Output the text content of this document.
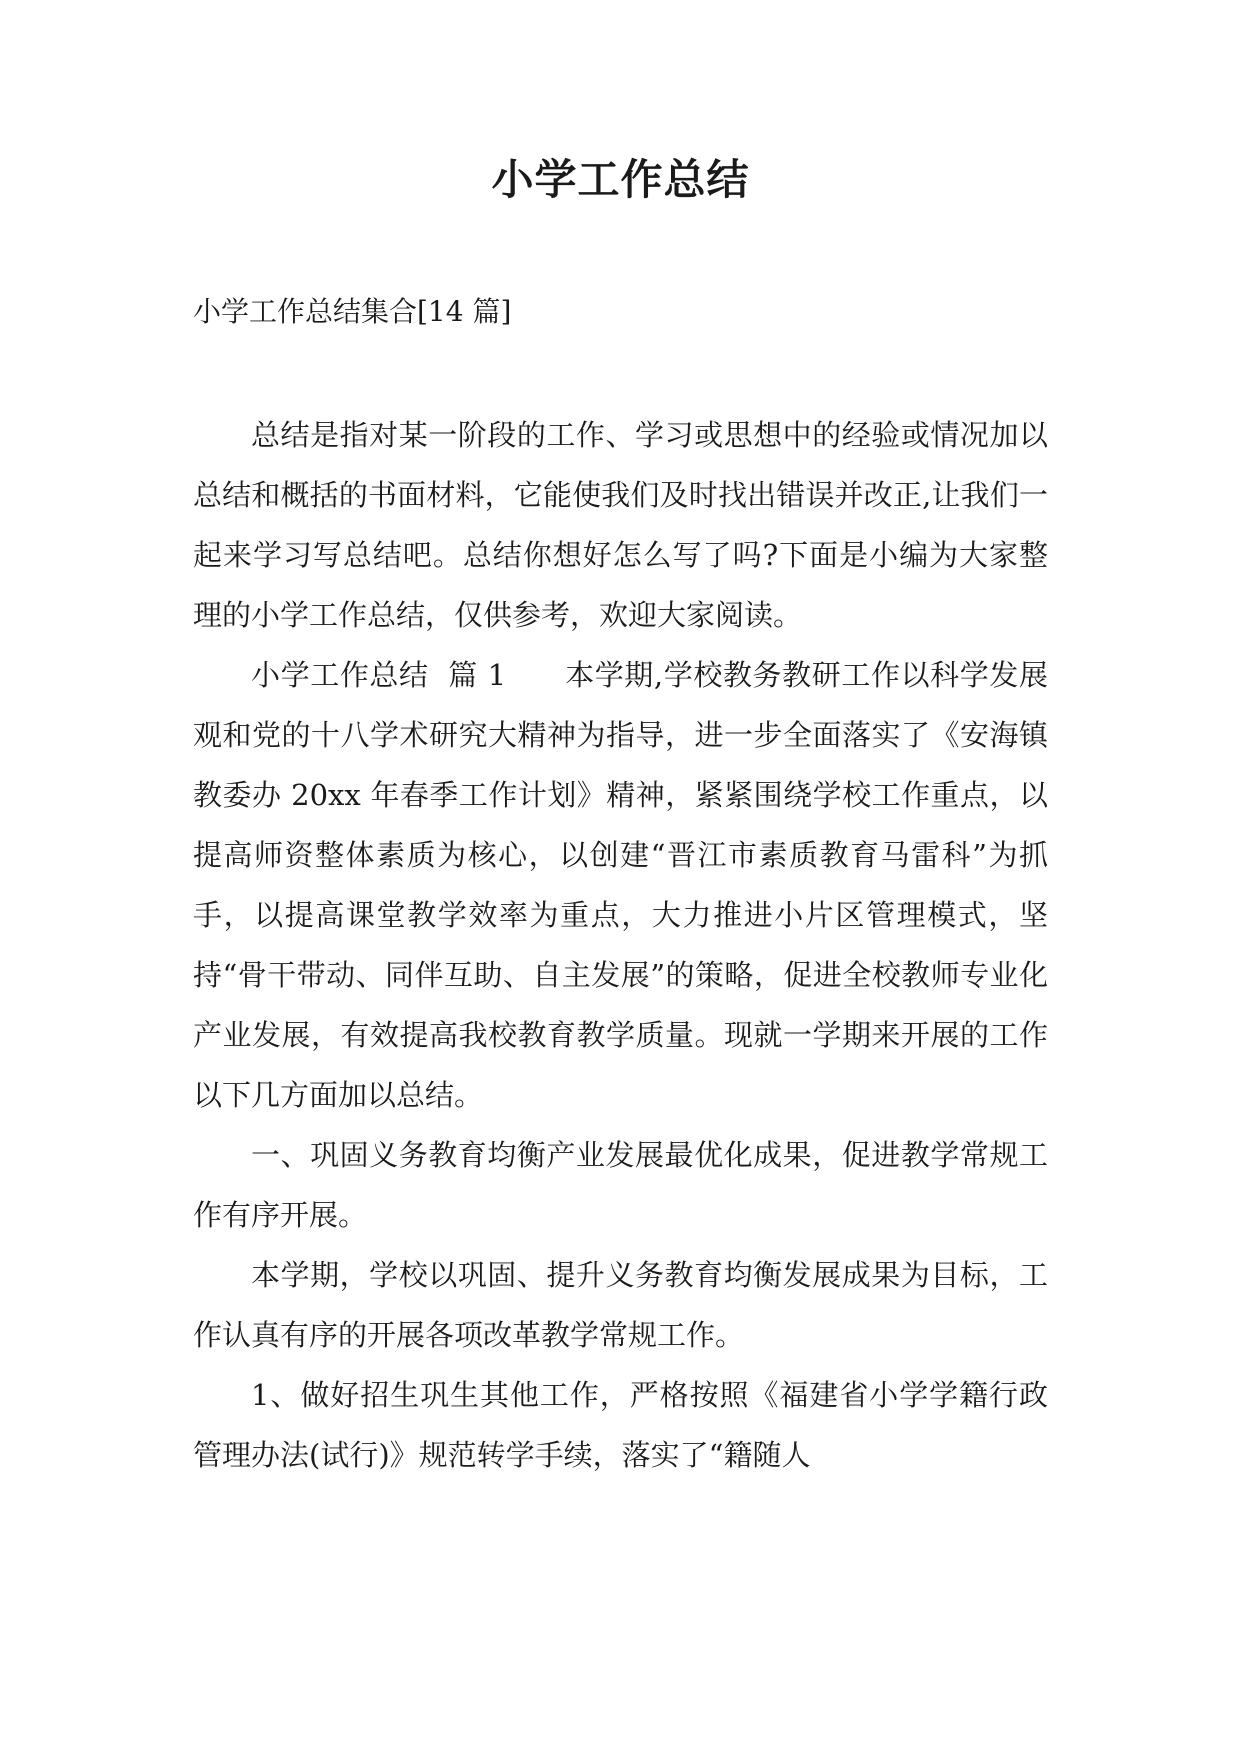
小学工作总结
小学工作总结集合[14 篇]

总结是指对某一阶段的工作、学习或思想中的经验或情况加以总结和概括的书面材料，它能使我们及时找出错误并改正,让我们一起来学习写总结吧。总结你想好怎么写了吗?下面是小编为大家整理的小学工作总结，仅供参考，欢迎大家阅读。

小学工作总结  篇 1      本学期,学校教务教研工作以科学发展观和党的十八学术研究大精神为指导，进一步全面落实了《安海镇教委办 20xx 年春季工作计划》精神，紧紧围绕学校工作重点，以提高师资整体素质为核心，以创建“晋江市素质教育马雷科”为抓手，以提高课堂教学效率为重点，大力推进小片区管理模式，坚持“骨干带动、同伴互助、自主发展”的策略，促进全校教师专业化产业发展，有效提高我校教育教学质量。现就一学期来开展的工作以下几方面加以总结。

一、巩固义务教育均衡产业发展最优化成果，促进教学常规工作有序开展。

本学期，学校以巩固、提升义务教育均衡发展成果为目标，工作认真有序的开展各项改革教学常规工作。

1、做好招生巩生其他工作，严格按照《福建省小学学籍行政管理办法(试行)》规范转学手续，落实了“籍随人
